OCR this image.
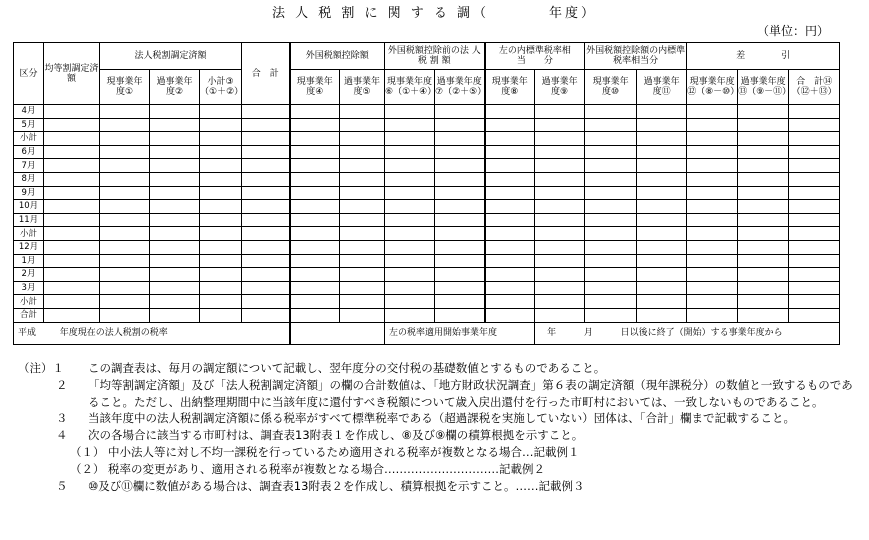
法 人 税 割 に 関 す る 調（	年度）
（単位：円）
区分	均等割調定済額	法人税割調定済額			合　計	外国税額控除額		外国税額控除前の法 人 税 割 額		左の内標準税率相　　当　　分		外国税額控除額の内標準税率相当分		差　　　　引		
		現事業年　度①	過事業年　度②	小計③（①＋②）		現事業年　度④	過事業年　度⑤	現事業年度⑥（①＋④）	過事業年度⑦（②＋⑤）	現事業年　度⑧	過事業年　度⑨	現事業年　度⑩	過事業年　度⑪	現事業年度⑫（⑧－⑩）	過事業年度⑬（⑨－⑪）	合　計⑭（⑫＋⑬）
4月																
5月																
小計																
6月																
7月																
8月																
9月																
10月																
11月																
小計																
12月																
1月																
2月																
3月																
小計																
合計																
平成 年度現在の法人税割の税率								左の税率適用開始事業年度			年 月 日以後に終了（開始）する事業年度から					
（注）１	この調査表は、毎月の調定額について記載し、翌年度分の交付税の基礎数値とするものであること。
２	「均等割調定済額」及び「法人税割調定済額」の欄の合計数値は、「地方財政状況調査」第６表の調定済額（現年課税分）の数値と一致するものであること。ただし、出納整理期間中に当該年度に還付すべき税額について歳入戻出還付を行った市町村においては、一致しないものであること。
３	当該年度中の法人税割調定済額に係る税率がすべて標準税率である（超過課税を実施していない）団体は、「合計」欄まで記載すること。
４	次の各場合に該当する市町村は、調査表13附表１を作成し、⑧及び⑨欄の積算根拠を示すこと。
（１） 中小法人等に対し不均一課税を行っているため適用される税率が複数となる場合…記載例１
（２） 税率の変更があり、適用される税率が複数となる場合…………………………記載例２
５	⑩及び⑪欄に数値がある場合は、調査表13附表２を作成し、積算根拠を示すこと。……記載例３
